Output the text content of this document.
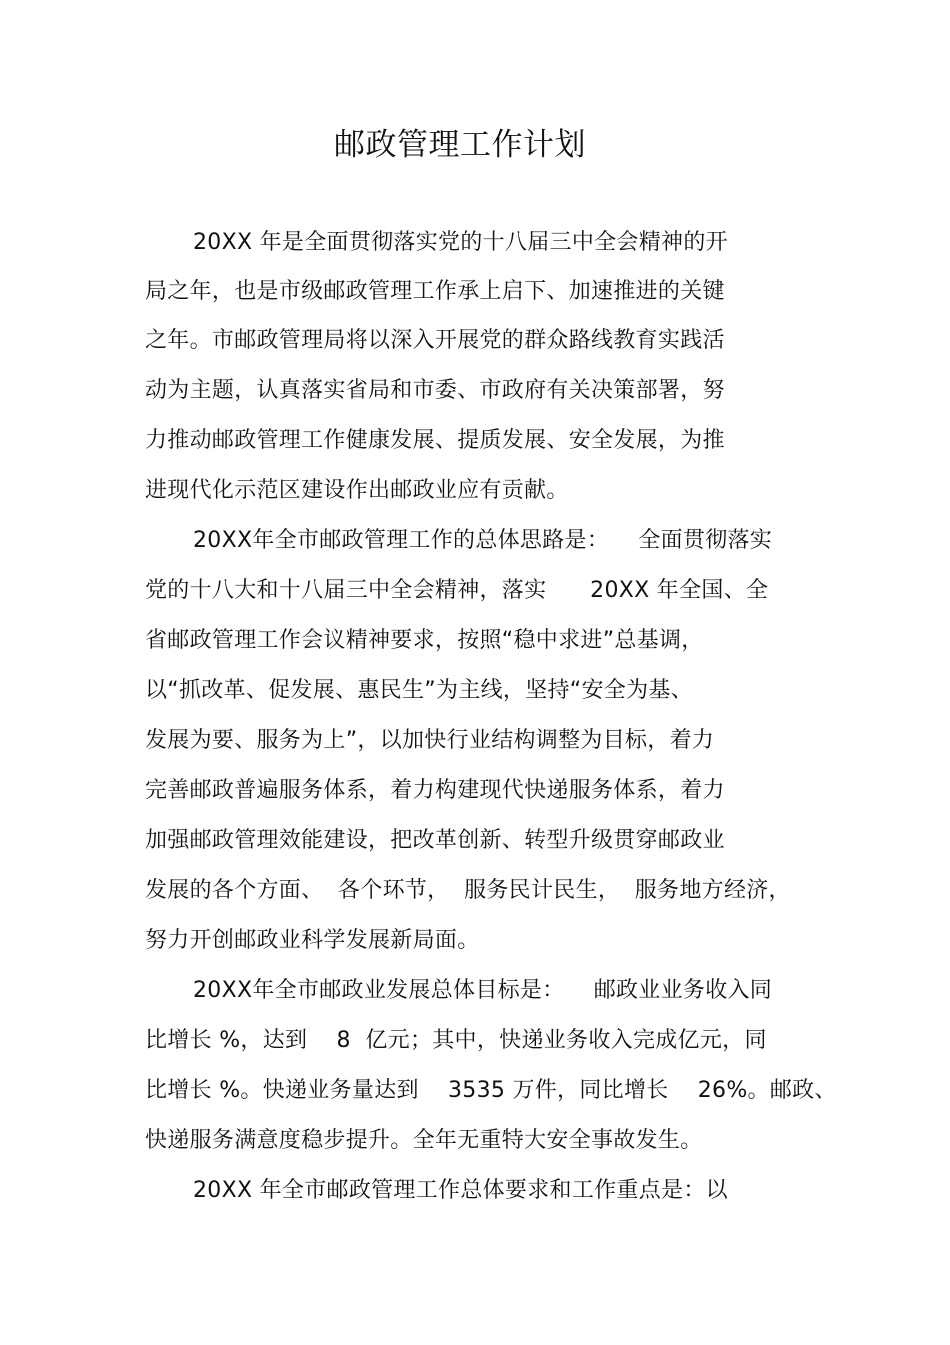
邮政管理工作计划
20XX 年是全面贯彻落实党的十八届三中全会精神的开
局之年，也是市级邮政管理工作承上启下、加速推进的关键
之年。市邮政管理局将以深入开展党的群众路线教育实践活
动为主题，认真落实省局和市委、市政府有关决策部署，努
力推动邮政管理工作健康发展、提质发展、安全发展，为推
进现代化示范区建设作出邮政业应有贡献。
20XX年全市邮政管理工作的总体思路是：    全面贯彻落实
党的十八大和十八届三中全会精神，落实      20XX 年全国、全
省邮政管理工作会议精神要求，按照“稳中求进”总基调，
以“抓改革、促发展、惠民生”为主线，坚持“安全为基、
发展为要、服务为上”，以加快行业结构调整为目标，着力
完善邮政普遍服务体系，着力构建现代快递服务体系，着力
加强邮政管理效能建设，把改革创新、转型升级贯穿邮政业
发展的各个方面、  各个环节，  服务民计民生，  服务地方经济，
努力开创邮政业科学发展新局面。
20XX年全市邮政业发展总体目标是：    邮政业业务收入同
比增长 %，达到    8  亿元；其中，快递业务收入完成亿元，同
比增长 %。快递业务量达到    3535 万件，同比增长    26%。邮政、
快递服务满意度稳步提升。全年无重特大安全事故发生。
20XX 年全市邮政管理工作总体要求和工作重点是：以
